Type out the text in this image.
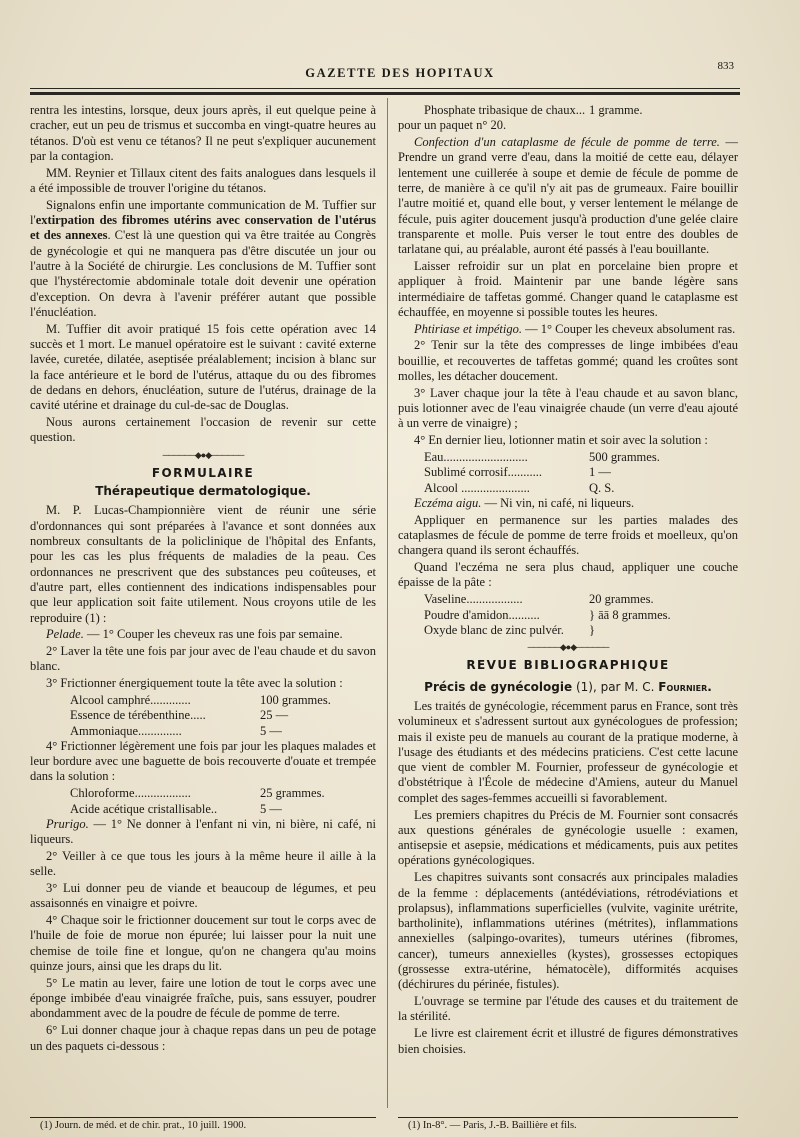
GAZETTE DES HOPITAUX	833

rentra les intestins, lorsque, deux jours après, il eut quelque peine à cracher, eut un peu de trismus et succomba en vingt-quatre heures au tétanos. D'où est venu ce tétanos? Il ne peut s'expliquer aucunement par la contagion.

MM. Reynier et Tillaux citent des faits analogues dans lesquels il a été impossible de trouver l'origine du tétanos.

Signalons enfin une importante communication de M. Tuffier sur l'extirpation des fibromes utérins avec conservation de l'utérus et des annexes. C'est là une question qui va être traitée au Congrès de gynécologie et qui ne manquera pas d'être discutée un jour ou l'autre à la Société de chirurgie. Les conclusions de M. Tuffier sont que l'hystérectomie abdominale totale doit devenir une opération d'exception. On devra à l'avenir préférer autant que possible l'énucléation.

M. Tuffier dit avoir pratiqué 15 fois cette opération avec 14 succès et 1 mort. Le manuel opératoire est le suivant : cavité externe lavée, curetée, dilatée, aseptisée préalablement; incision à blanc sur la face antérieure et le bord de l'utérus, attaque du ou des fibromes de dedans en dehors, énucléation, suture de l'utérus, drainage de la cavité utérine et drainage du cul-de-sac de Douglas.

Nous aurons certainement l'occasion de revenir sur cette question.

──────◆●◆──────
FORMULAIRE
Thérapeutique dermatologique.

M. P. Lucas-Championnière vient de réunir une série d'ordonnances qui sont préparées à l'avance et sont données aux nombreux consultants de la policlinique de l'hôpital des Enfants, pour les cas les plus fréquents de maladies de la peau. Ces ordonnances ne prescrivent que des substances peu coûteuses, et d'autre part, elles contiennent des indications indispensables pour que leur application soit faite utilement. Nous croyons utile de les reproduire (1) :

Pelade. — 1° Couper les cheveux ras une fois par semaine.

2° Laver la tête une fois par jour avec de l'eau chaude et du savon blanc.

3° Frictionner énergiquement toute la tête avec la solution :

Alcool camphré.............	100 grammes.
Essence de térébenthine.....	25 —
Ammoniaque..............	5 —

4° Frictionner légèrement une fois par jour les plaques malades et leur bordure avec une baguette de bois recouverte d'ouate et trempée dans la solution :

Chloroforme..................	25 grammes.
Acide acétique cristallisable..	5 —

Prurigo. — 1° Ne donner à l'enfant ni vin, ni bière, ni café, ni liqueurs.

2° Veiller à ce que tous les jours à la même heure il aille à la selle.

3° Lui donner peu de viande et beaucoup de légumes, et peu assaisonnés en vinaigre et poivre.

4° Chaque soir le frictionner doucement sur tout le corps avec de l'huile de foie de morue non épurée; lui laisser pour la nuit une chemise de toile fine et longue, qu'on ne changera qu'au moins quinze jours, ainsi que les draps du lit.

5° Le matin au lever, faire une lotion de tout le corps avec une éponge imbibée d'eau vinaigrée fraîche, puis, sans essuyer, poudrer abondamment avec de la poudre de fécule de pomme de terre.

6° Lui donner chaque jour à chaque repas dans un peu de potage un des paquets ci-dessous :

(1) Journ. de méd. et de chir. prat., 10 juill. 1900.
Phosphate tribasique de chaux... 1 gramme.

pour un paquet n° 20.

Confection d'un cataplasme de fécule de pomme de terre. — Prendre un grand verre d'eau, dans la moitié de cette eau, délayer lentement une cuillerée à soupe et demie de fécule de pomme de terre, de manière à ce qu'il n'y ait pas de grumeaux. Faire bouillir l'autre moitié et, quand elle bout, y verser lentement le mélange de fécule, puis agiter doucement jusqu'à production d'une gelée claire transparente et molle. Puis verser le tout entre des doubles de tarlatane qui, au préalable, auront été passés à l'eau bouillante.

Laisser refroidir sur un plat en porcelaine bien propre et appliquer à froid. Maintenir par une bande légère sans intermédiaire de taffetas gommé. Changer quand le cataplasme est échauffée, en moyenne si possible toutes les heures.

Phtiriase et impétigo. — 1° Couper les cheveux absolument ras.

2° Tenir sur la tête des compresses de linge imbibées d'eau bouillie, et recouvertes de taffetas gommé; quand les croûtes sont molles, les détacher doucement.

3° Laver chaque jour la tête à l'eau chaude et au savon blanc, puis lotionner avec de l'eau vinaigrée chaude (un verre d'eau ajouté à un verre de vinaigre) ;

4° En dernier lieu, lotionner matin et soir avec la solution :

Eau...........................	500 grammes.
Sublimé corrosif...........	1 —
Alcool ......................	Q. S.

Eczéma aigu. — Ni vin, ni café, ni liqueurs.

Appliquer en permanence sur les parties malades des cataplasmes de fécule de pomme de terre froids et moelleux, qu'on changera quand ils seront échauffés.

Quand l'eczéma ne sera plus chaud, appliquer une couche épaisse de la pâte :

Vaseline..................	20 grammes.
Poudre d'amidon..........	} āā 8 grammes.
Oxyde blanc de zinc pulvér.	}
──────◆●◆──────
REVUE BIBLIOGRAPHIQUE
Précis de gynécologie (1), par M. C. Fournier.

Les traités de gynécologie, récemment parus en France, sont très volumineux et s'adressent surtout aux gynécologues de profession; mais il existe peu de manuels au courant de la pratique moderne, à l'usage des étudiants et des médecins praticiens. C'est cette lacune que vient de combler M. Fournier, professeur de gynécologie et d'obstétrique à l'École de médecine d'Amiens, auteur du Manuel complet des sages-femmes accueilli si favorablement.

Les premiers chapitres du Précis de M. Fournier sont consacrés aux questions générales de gynécologie usuelle : examen, antisepsie et asepsie, médications et médicaments, puis aux petites opérations gynécologiques.

Les chapitres suivants sont consacrés aux principales maladies de la femme : déplacements (antédéviations, rétrodéviations et prolapsus), inflammations superficielles (vulvite, vaginite urétrite, bartholinite), inflammations utérines (métrites), inflammations annexielles (salpingo-ovarites), tumeurs utérines (fibromes, cancer), tumeurs annexielles (kystes), grossesses ectopiques (grossesse extra-utérine, hématocèle), difformités acquises (déchirures du périnée, fistules).

L'ouvrage se termine par l'étude des causes et du traitement de la stérilité.

Le livre est clairement écrit et illustré de figures démonstratives bien choisies.

(1) In-8°. — Paris, J.-B. Baillière et fils.
